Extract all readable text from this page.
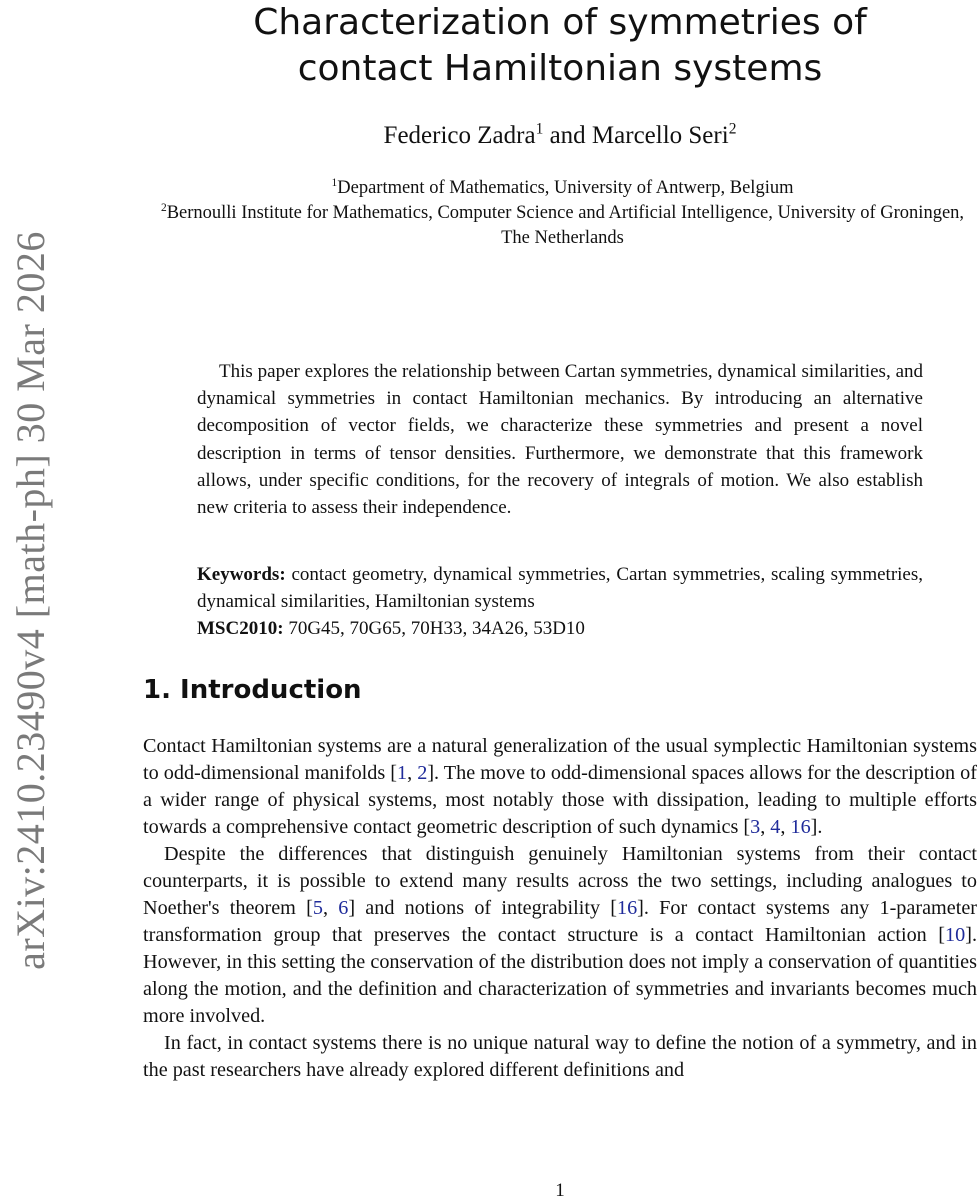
arXiv:2410.23490v4 [math-ph] 30 Mar 2026
Characterization of symmetries of
contact Hamiltonian systems
Federico Zadra$^1$ and Marcello Seri$^2$
$^1$Department of Mathematics, University of Antwerp, Belgium
$^2$Bernoulli Institute for Mathematics, Computer Science and Artificial Intelligence, University of Groningen, The Netherlands

This paper explores the relationship between Cartan symmetries, dynamical similarities, and dynamical symmetries in contact Hamiltonian mechanics. By introducing an alternative decomposition of vector fields, we characterize these symmetries and present a novel description in terms of tensor densities. Furthermore, we demonstrate that this framework allows, under specific conditions, for the recovery of integrals of motion. We also establish new criteria to assess their independence.

Keywords: contact geometry, dynamical symmetries, Cartan symmetries, scaling symmetries, dynamical similarities, Hamiltonian systems

MSC2010: 70G45, 70G65, 70H33, 34A26, 53D10

1. Introduction

Contact Hamiltonian systems are a natural generalization of the usual symplectic Hamiltonian systems to odd-dimensional manifolds [1, 2]. The move to odd-dimensional spaces allows for the description of a wider range of physical systems, most notably those with dissipation, leading to multiple efforts towards a comprehensive contact geometric description of such dynamics [3, 4, 16].

Despite the differences that distinguish genuinely Hamiltonian systems from their contact counterparts, it is possible to extend many results across the two settings, including analogues to Noether's theorem [5, 6] and notions of integrability [16]. For contact systems any 1-parameter transformation group that preserves the contact structure is a contact Hamiltonian action [10]. However, in this setting the conservation of the distribution does not imply a conservation of quantities along the motion, and the definition and characterization of symmetries and invariants becomes much more involved.

In fact, in contact systems there is no unique natural way to define the notion of a symmetry, and in the past researchers have already explored different definitions and

1
